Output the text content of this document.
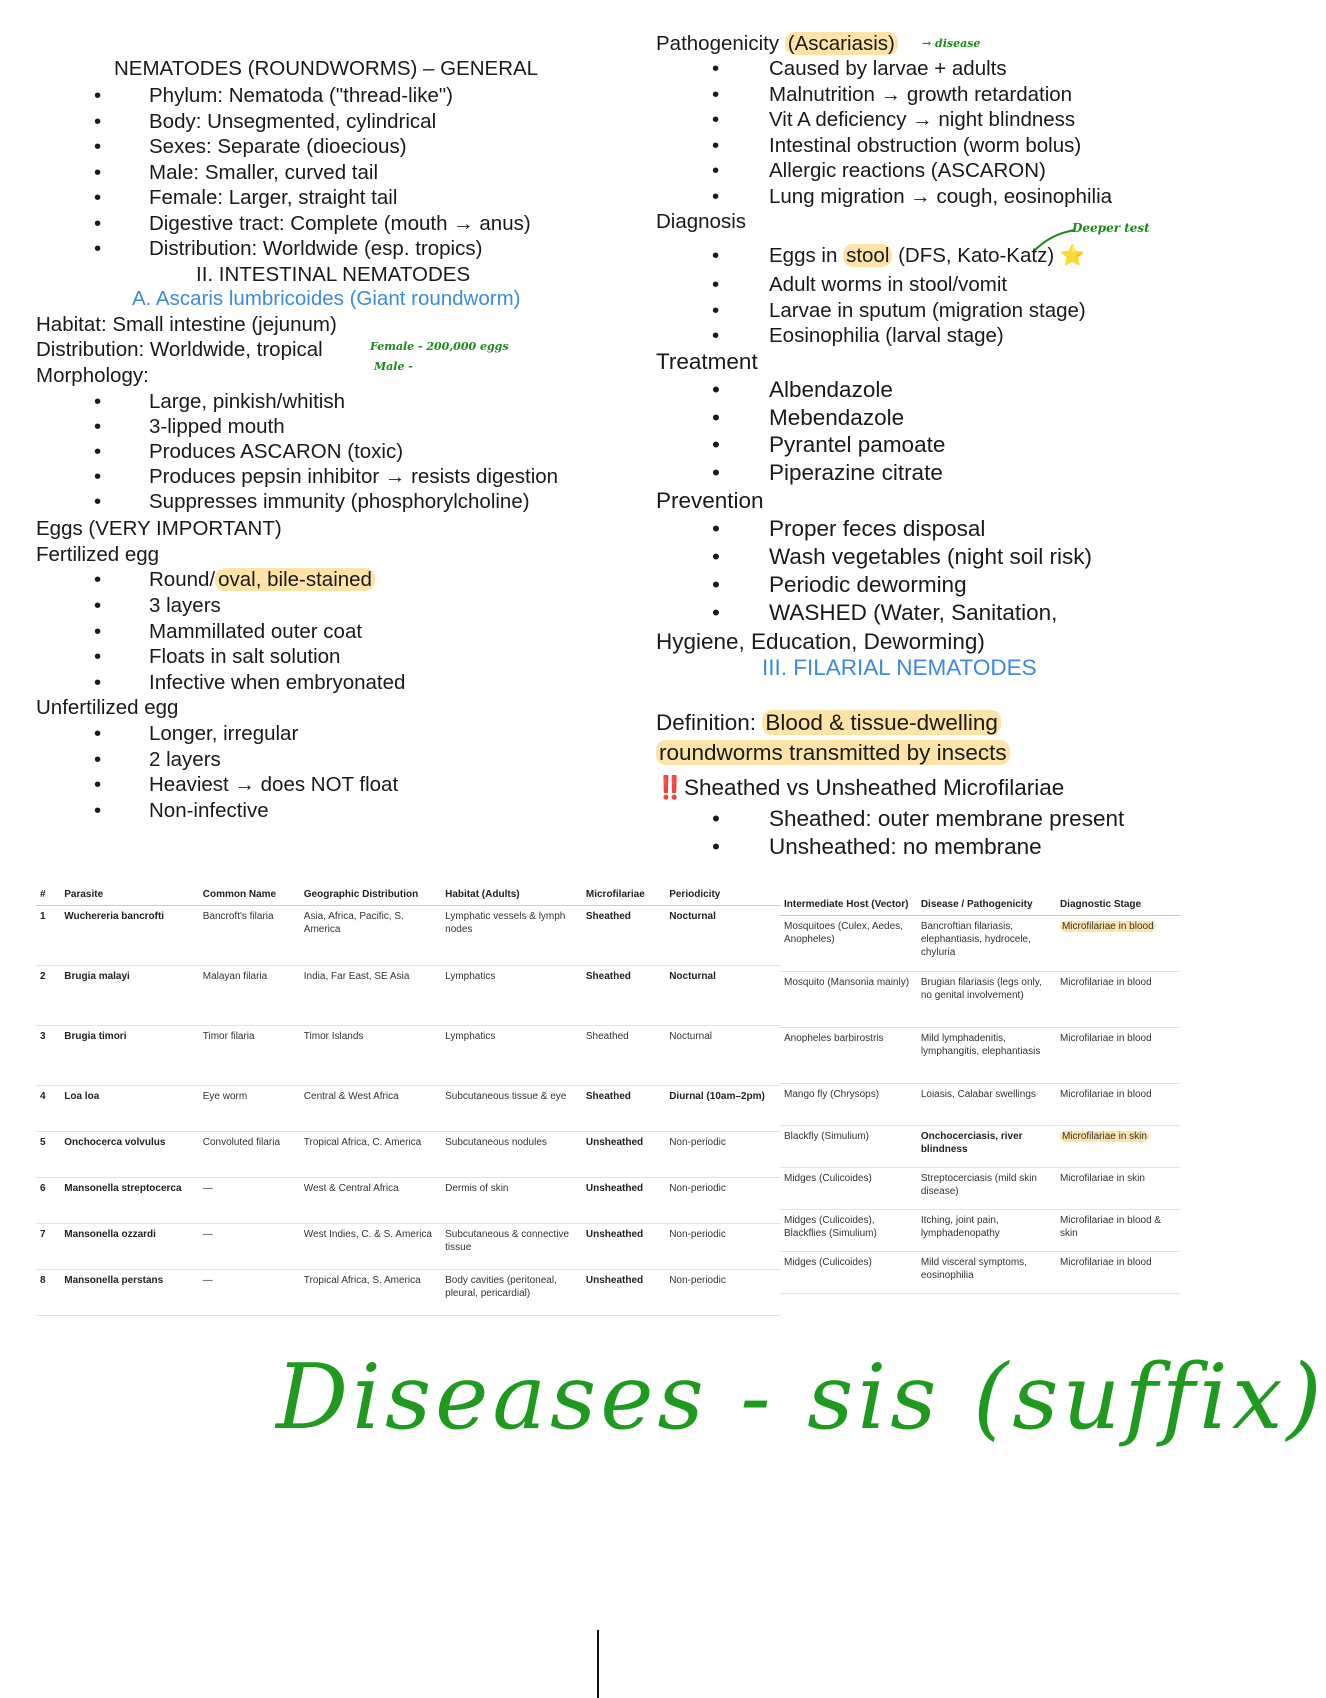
NEMATODES (ROUNDWORMS) – GENERAL
• Phylum: Nematoda ("thread-like")
• Body: Unsegmented, cylindrical
• Sexes: Separate (dioecious)
• Male: Smaller, curved tail
• Female: Larger, straight tail
• Digestive tract: Complete (mouth → anus)
• Distribution: Worldwide (esp. tropics)
II. INTESTINAL NEMATODES
A. Ascaris lumbricoides (Giant roundworm)
Habitat: Small intestine (jejunum)
Distribution: Worldwide, tropical	Female - 200,000 eggs
Male -
Morphology:
• Large, pinkish/whitish
• 3-lipped mouth
• Produces ASCARON (toxic)
• Produces pepsin inhibitor → resists digestion
• Suppresses immunity (phosphorylcholine)
Eggs (VERY IMPORTANT)
Fertilized egg
• Round/ oval, bile-stained
• 3 layers
• Mammillated outer coat
• Floats in salt solution
• Infective when embryonated
Unfertilized egg
• Longer, irregular
• 2 layers
• Heaviest → does NOT float
• Non-infective
Pathogenicity (Ascariasis) → disease
• Caused by larvae + adults
• Malnutrition → growth retardation
• Vit A deficiency → night blindness
• Intestinal obstruction (worm bolus)
• Allergic reactions (ASCARON)
• Lung migration → cough, eosinophilia
Diagnosis	Deeper test
• Eggs in stool (DFS, Kato-Katz) ⭐
• Adult worms in stool/vomit
• Larvae in sputum (migration stage)
• Eosinophilia (larval stage)
Treatment
• Albendazole
• Mebendazole
• Pyrantel pamoate
• Piperazine citrate
Prevention
• Proper feces disposal
• Wash vegetables (night soil risk)
• Periodic deworming
• WASHED (Water, Sanitation,
Hygiene, Education, Deworming)
III. FILARIAL NEMATODES
Definition: Blood & tissue-dwelling
roundworms transmitted by insects
‼️Sheathed vs Unsheathed Microfilariae
• Sheathed: outer membrane present
• Unsheathed: no membrane
#	Parasite	Common Name	Geographic Distribution	Habitat (Adults)	Microfilariae	Periodicity
1	Wuchereria bancrofti	Bancroft's filaria	Asia, Africa, Pacific, S. America	Lymphatic vessels & lymph nodes	Sheathed	Nocturnal
2	Brugia malayi	Malayan filaria	India, Far East, SE Asia	Lymphatics	Sheathed	Nocturnal
3	Brugia timori	Timor filaria	Timor Islands	Lymphatics	Sheathed	Nocturnal
4	Loa loa	Eye worm	Central & West Africa	Subcutaneous tissue & eye	Sheathed	Diurnal (10am–2pm)
5	Onchocerca volvulus	Convoluted filaria	Tropical Africa, C. America	Subcutaneous nodules	Unsheathed	Non-periodic
6	Mansonella streptocerca	—	West & Central Africa	Dermis of skin	Unsheathed	Non-periodic
7	Mansonella ozzardi	—	West Indies, C. & S. America	Subcutaneous & connective tissue	Unsheathed	Non-periodic
8	Mansonella perstans	—	Tropical Africa, S. America	Body cavities (peritoneal, pleural, pericardial)	Unsheathed	Non-periodic
Intermediate Host (Vector)	Disease / Pathogenicity	Diagnostic Stage
Mosquitoes (Culex, Aedes, Anopheles)	Bancroftian filariasis, elephantiasis, hydrocele, chyluria	Microfilariae in blood
Mosquito (Mansonia mainly)	Brugian filariasis (legs only, no genital involvement)	Microfilariae in blood
Anopheles barbirostris	Mild lymphadenitis, lymphangitis, elephantiasis	Microfilariae in blood
Mango fly (Chrysops)	Loiasis, Calabar swellings	Microfilariae in blood
Blackfly (Simulium)	Onchocerciasis, river blindness	Microfilariae in skin
Midges (Culicoides)	Streptocerciasis (mild skin disease)	Microfilariae in skin
Midges (Culicoides), Blackflies (Simulium)	Itching, joint pain, lymphadenopathy	Microfilariae in blood & skin
Midges (Culicoides)	Mild visceral symptoms, eosinophilia	Microfilariae in blood
Diseases - sis (suffix)
